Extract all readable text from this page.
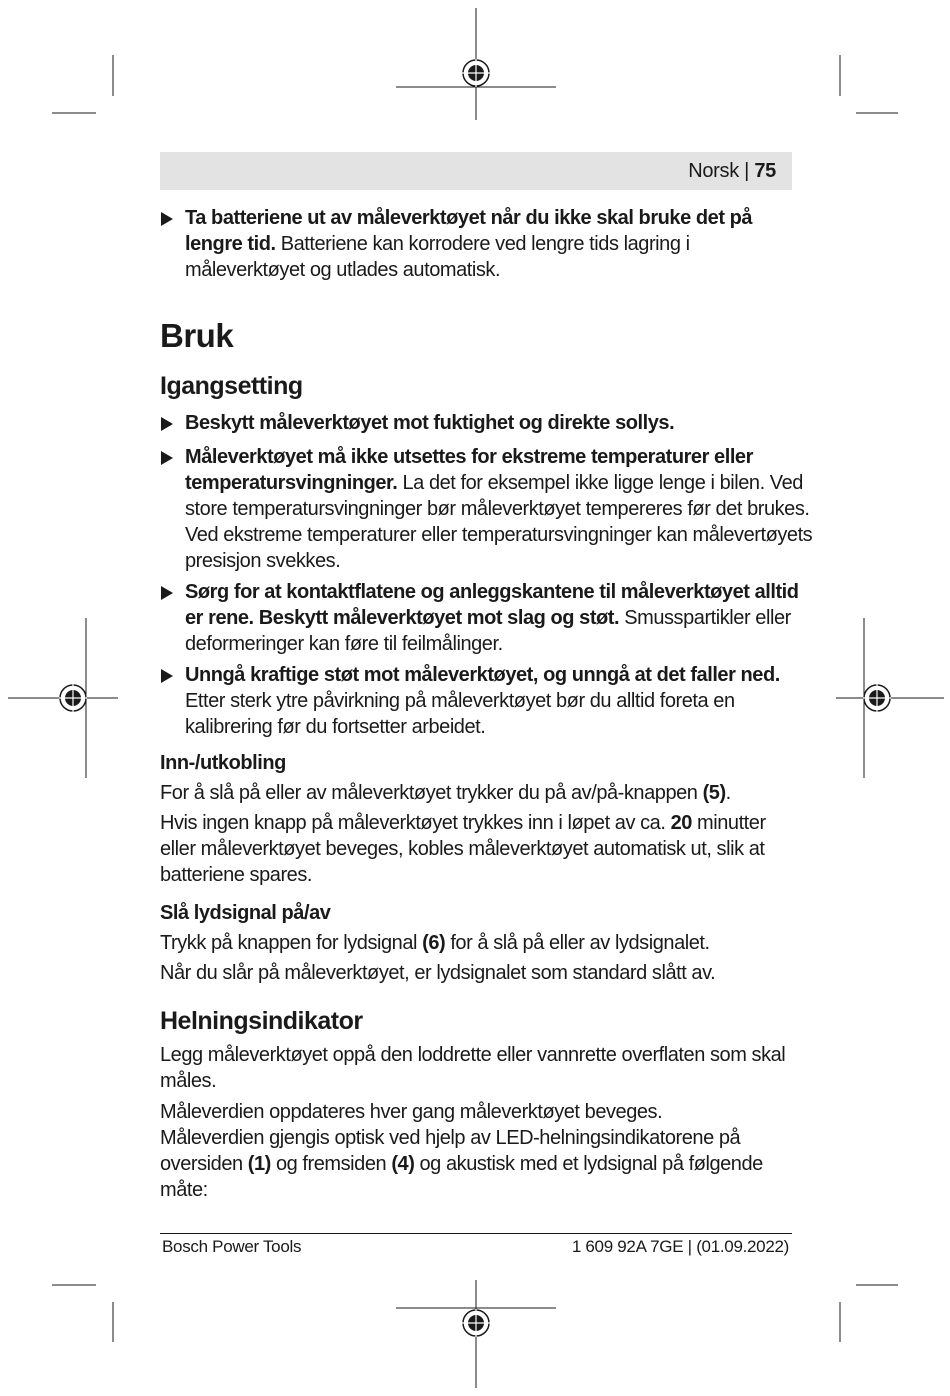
Norsk | 75

Ta batteriene ut av måleverktøyet når du ikke skal bruke det på lengre tid. Batteriene kan korrodere ved lengre tids lagring i måleverktøyet og utlades automatisk.

Bruk
Igangsetting

Beskytt måleverktøyet mot fuktighet og direkte sollys.

Måleverktøyet må ikke utsettes for ekstreme temperaturer eller temperatursvingninger. La det for eksempel ikke ligge lenge i bilen. Ved store temperatursvingninger bør måleverktøyet tempereres før det brukes. Ved ekstreme temperaturer eller temperatursvingninger kan målevertøyets presisjon svekkes.

Sørg for at kontaktflatene og anleggskantene til måleverktøyet alltid er rene. Beskytt måleverktøyet mot slag og støt. Smusspartikler eller deformeringer kan føre til feilmålinger.

Unngå kraftige støt mot måleverktøyet, og unngå at det faller ned. Etter sterk ytre påvirkning på måleverktøyet bør du alltid foreta en kalibrering før du fortsetter arbeidet.

Inn-/utkobling

For å slå på eller av måleverktøyet trykker du på av/på-knappen (5).

Hvis ingen knapp på måleverktøyet trykkes inn i løpet av ca. 20 minutter eller måleverktøyet beveges, kobles måleverktøyet automatisk ut, slik at batteriene spares.

Slå lydsignal på/av

Trykk på knappen for lydsignal (6) for å slå på eller av lydsignalet.

Når du slår på måleverktøyet, er lydsignalet som standard slått av.

Helningsindikator

Legg måleverktøyet oppå den loddrette eller vannrette overflaten som skal måles.

Måleverdien oppdateres hver gang måleverktøyet beveges. Måleverdien gjengis optisk ved hjelp av LED-helningsindikatorene på oversiden (1) og fremsiden (4) og akustisk med et lydsignal på følgende måte:

Bosch Power Tools	1 609 92A 7GE | (01.09.2022)
